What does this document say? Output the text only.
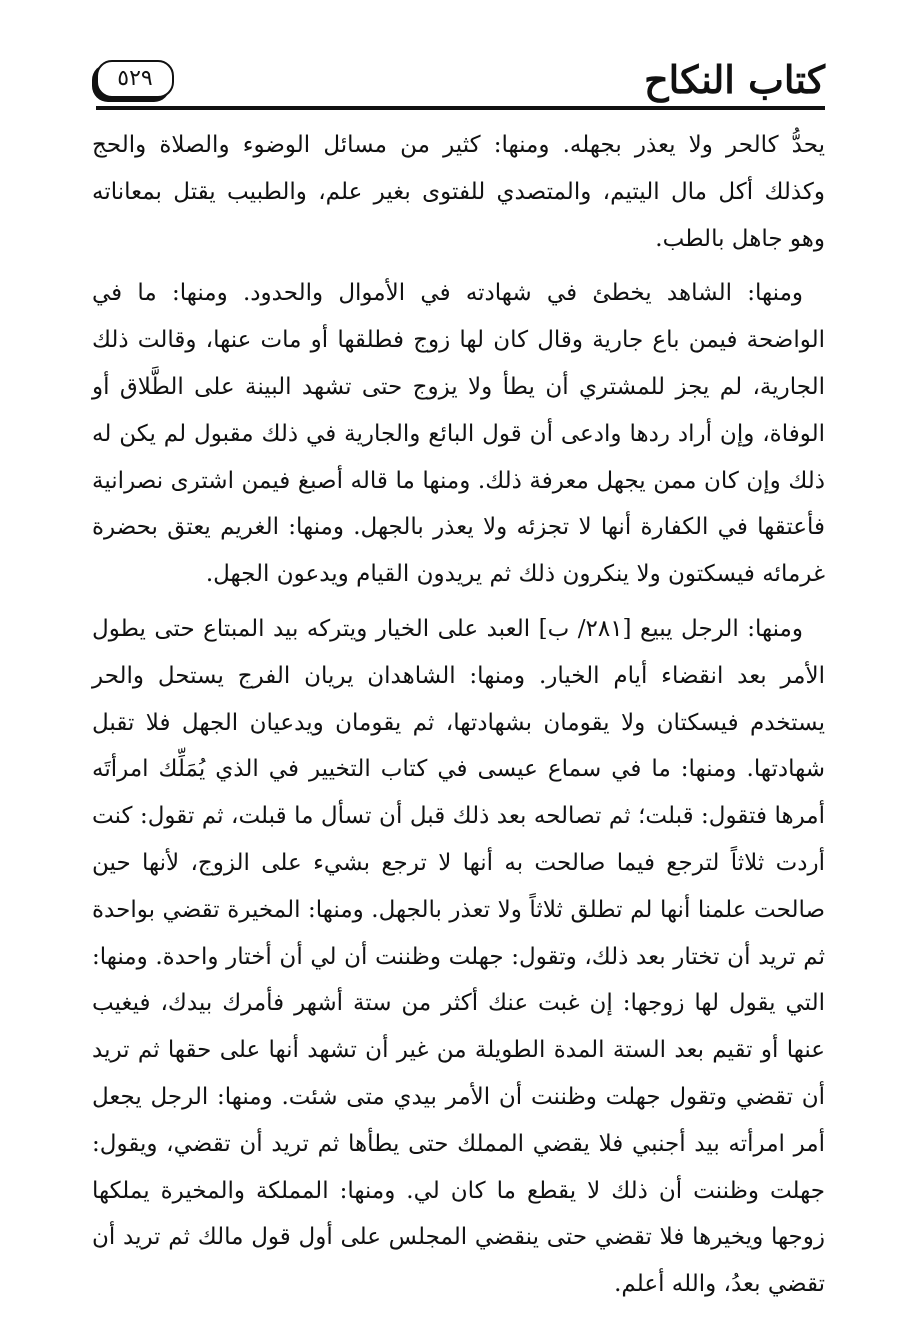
كتاب النكاح
٥٢٩

يحدُّ كالحر ولا يعذر بجهله. ومنها: كثير من مسائل الوضوء والصلاة والحج وكذلك أكل مال اليتيم، والمتصدي للفتوى بغير علم، والطبيب يقتل بمعاناته وهو جاهل بالطب.

ومنها: الشاهد يخطئ في شهادته في الأموال والحدود. ومنها: ما في الواضحة فيمن باع جارية وقال كان لها زوج فطلقها أو مات عنها، وقالت ذلك الجارية، لم يجز للمشتري أن يطأ ولا يزوج حتى تشهد البينة على الطَّلاق أو الوفاة، وإن أراد ردها وادعى أن قول البائع والجارية في ذلك مقبول لم يكن له ذلك وإن كان ممن يجهل معرفة ذلك. ومنها ما قاله أصبغ فيمن اشترى نصرانية فأعتقها في الكفارة أنها لا تجزئه ولا يعذر بالجهل. ومنها: الغريم يعتق بحضرة غرمائه فيسكتون ولا ينكرون ذلك ثم يريدون القيام ويدعون الجهل.

ومنها: الرجل يبيع [٢٨١/ ب] العبد على الخيار ويتركه بيد المبتاع حتى يطول الأمر بعد انقضاء أيام الخيار. ومنها: الشاهدان يريان الفرج يستحل والحر يستخدم فيسكتان ولا يقومان بشهادتها، ثم يقومان ويدعيان الجهل فلا تقبل شهادتها. ومنها: ما في سماع عيسى في كتاب التخيير في الذي يُمَلِّك امرأتَه أمرها فتقول: قبلت؛ ثم تصالحه بعد ذلك قبل أن تسأل ما قبلت، ثم تقول: كنت أردت ثلاثاً لترجع فيما صالحت به أنها لا ترجع بشيء على الزوج، لأنها حين صالحت علمنا أنها لم تطلق ثلاثاً ولا تعذر بالجهل. ومنها: المخيرة تقضي بواحدة ثم تريد أن تختار بعد ذلك، وتقول: جهلت وظننت أن لي أن أختار واحدة. ومنها: التي يقول لها زوجها: إن غبت عنك أكثر من ستة أشهر فأمرك بيدك، فيغيب عنها أو تقيم بعد الستة المدة الطويلة من غير أن تشهد أنها على حقها ثم تريد أن تقضي وتقول جهلت وظننت أن الأمر بيدي متى شئت. ومنها: الرجل يجعل أمر امرأته بيد أجنبي فلا يقضي المملك حتى يطأها ثم تريد أن تقضي، ويقول: جهلت وظننت أن ذلك لا يقطع ما كان لي. ومنها: المملكة والمخيرة يملكها زوجها ويخيرها فلا تقضي حتى ينقضي المجلس على أول قول مالك ثم تريد أن تقضي بعدُ، والله أعلم.
